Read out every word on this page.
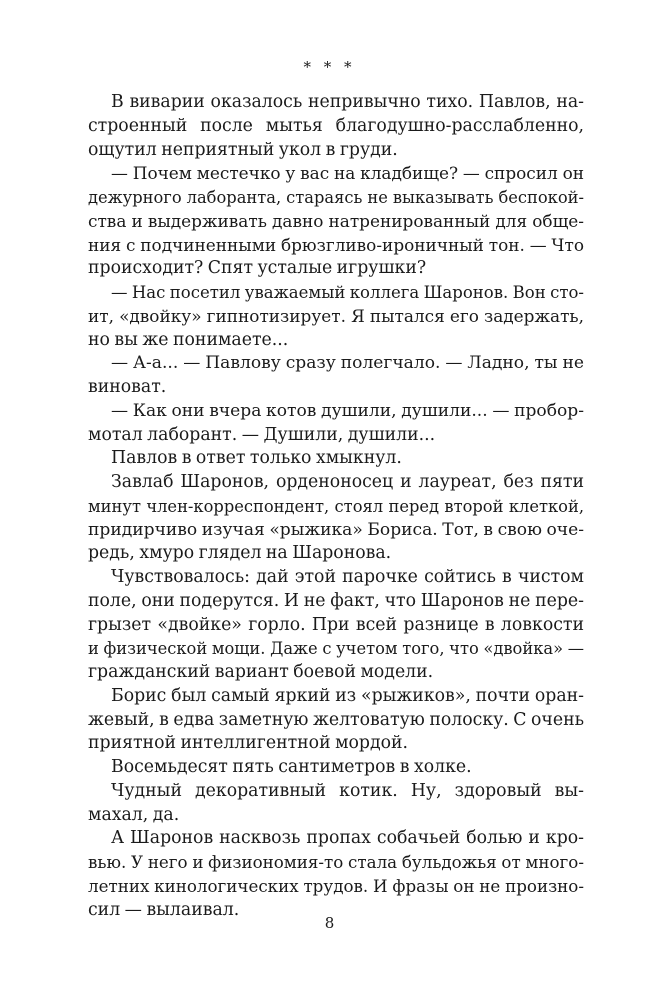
* * *
В виварии оказалось непривычно тихо. Павлов, на-
строенный после мытья благодушно-расслабленно,
ощутил неприятный укол в груди.
— Почем местечко у вас на кладбище? — спросил он
дежурного лаборанта, стараясь не выказывать беспокой-
ства и выдерживать давно натренированный для обще-
ния с подчиненными брюзгливо-ироничный тон. — Что
происходит? Спят усталые игрушки?
— Нас посетил уважаемый коллега Шаронов. Вон сто-
ит, «двойку» гипнотизирует. Я пытался его задержать,
но вы же понимаете...
— А-а... — Павлову сразу полегчало. — Ладно, ты не
виноват.
— Как они вчера котов душили, душили... — пробор-
мотал лаборант. — Душили, душили...
Павлов в ответ только хмыкнул.
Завлаб Шаронов, орденоносец и лауреат, без пяти
минут член-корреспондент, стоял перед второй клеткой,
придирчиво изучая «рыжика» Бориса. Тот, в свою оче-
редь, хмуро глядел на Шаронова.
Чувствовалось: дай этой парочке сойтись в чистом
поле, они подерутся. И не факт, что Шаронов не пере-
грызет «двойке» горло. При всей разнице в ловкости
и физической мощи. Даже с учетом того, что «двойка» —
гражданский вариант боевой модели.
Борис был самый яркий из «рыжиков», почти оран-
жевый, в едва заметную желтоватую полоску. С очень
приятной интеллигентной мордой.
Восемьдесят пять сантиметров в холке.
Чудный декоративный котик. Ну, здоровый вы-
махал, да.
А Шаронов насквозь пропах собачьей болью и кро-
вью. У него и физиономия-то стала бульдожья от много-
летних кинологических трудов. И фразы он не произно-
сил — вылаивал.
8
